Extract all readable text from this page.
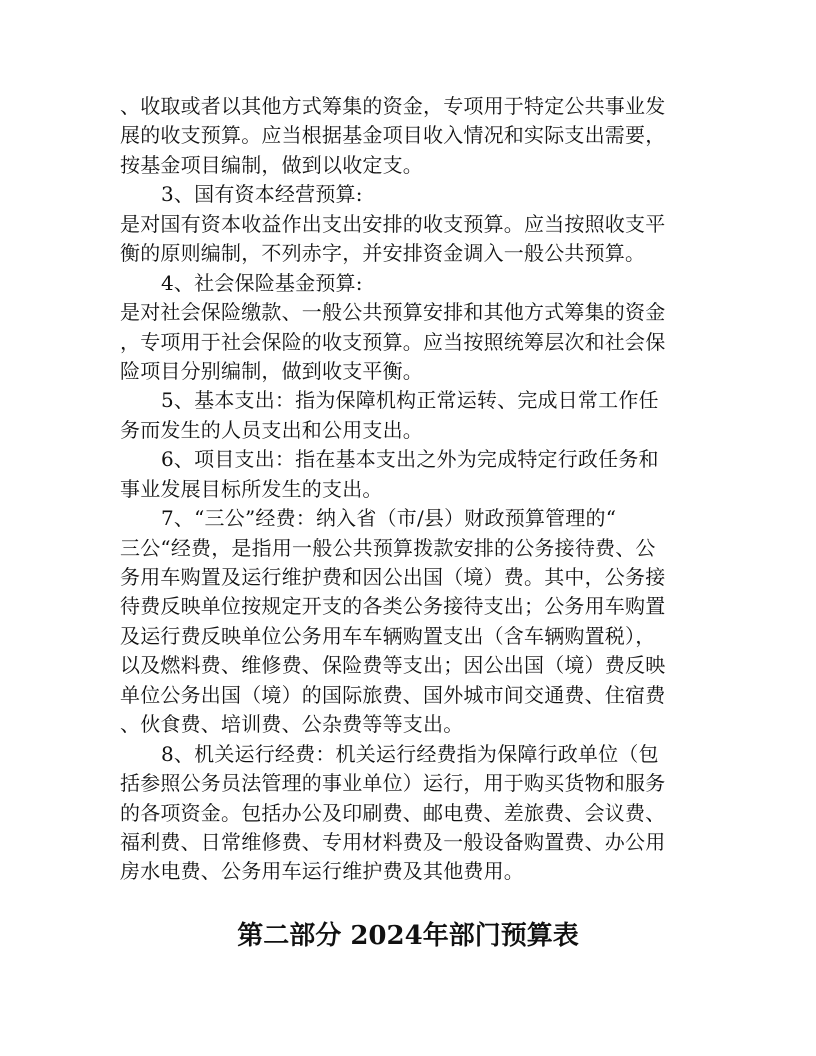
、收取或者以其他方式筹集的资金，专项用于特定公共事业发
展的收支预算。应当根据基金项目收入情况和实际支出需要，
按基金项目编制，做到以收定支。
3、国有资本经营预算:
是对国有资本收益作出支出安排的收支预算。应当按照收支平
衡的原则编制，不列赤字，并安排资金调入一般公共预算。
4、社会保险基金预算:
是对社会保险缴款、一般公共预算安排和其他方式筹集的资金
，专项用于社会保险的收支预算。应当按照统筹层次和社会保
险项目分别编制，做到收支平衡。
5、基本支出：指为保障机构正常运转、完成日常工作任
务而发生的人员支出和公用支出。
6、项目支出：指在基本支出之外为完成特定行政任务和
事业发展目标所发生的支出。
7、“三公”经费：纳入省（市/县）财政预算管理的“
三公“经费，是指用一般公共预算拨款安排的公务接待费、公
务用车购置及运行维护费和因公出国（境）费。其中，公务接
待费反映单位按规定开支的各类公务接待支出；公务用车购置
及运行费反映单位公务用车车辆购置支出（含车辆购置税），
以及燃料费、维修费、保险费等支出；因公出国（境）费反映
单位公务出国（境）的国际旅费、国外城市间交通费、住宿费
、伙食费、培训费、公杂费等等支出。
8、机关运行经费：机关运行经费指为保障行政单位（包
括参照公务员法管理的事业单位）运行，用于购买货物和服务
的各项资金。包括办公及印刷费、邮电费、差旅费、会议费、
福利费、日常维修费、专用材料费及一般设备购置费、办公用
房水电费、公务用车运行维护费及其他费用。
第二部分 2024年部门预算表
